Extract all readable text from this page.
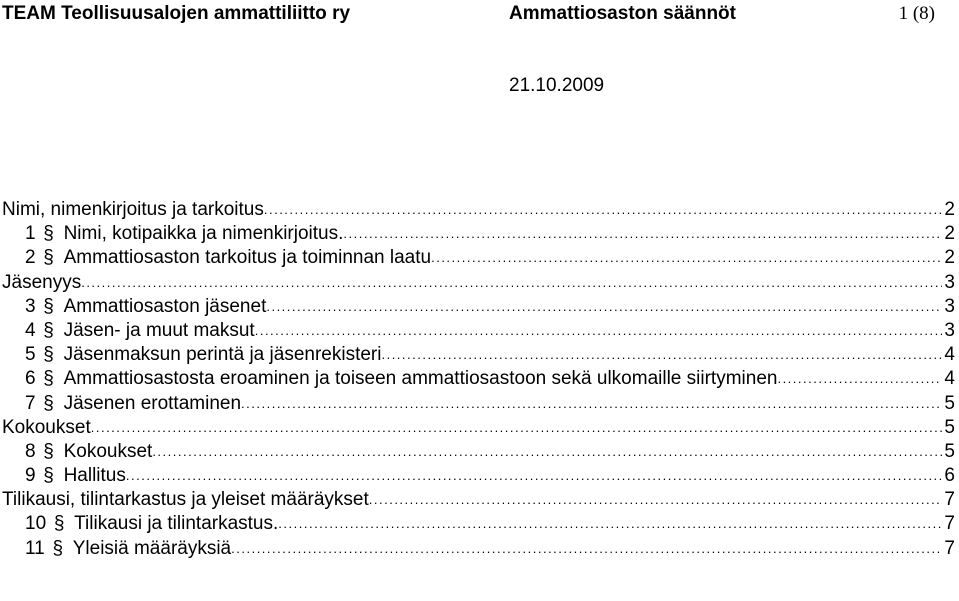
TEAM Teollisuusalojen ammattiliitto ry	Ammattiosaston säännöt	1 (8)
21.10.2009
Nimi, nimenkirjoitus ja tarkoitus .....	2
1 § Nimi, kotipaikka ja nimenkirjoitus. .....	2
2 § Ammattiosaston tarkoitus ja toiminnan laatu .....	2
Jäsenyys .....	3
3 § Ammattiosaston jäsenet .....	3
4 § Jäsen- ja muut maksut .....	3
5 § Jäsenmaksun perintä ja jäsenrekisteri .....	4
6 § Ammattiosastosta eroaminen ja toiseen ammattiosastoon sekä ulkomaille siirtyminen .....	4
7 § Jäsenen erottaminen .....	5
Kokoukset .....	5
8 § Kokoukset .....	5
9 § Hallitus .....	6
Tilikausi, tilintarkastus ja yleiset määräykset .....	7
10 § Tilikausi ja tilintarkastus. .....	7
11 § Yleisiä määräyksiä .....	7
